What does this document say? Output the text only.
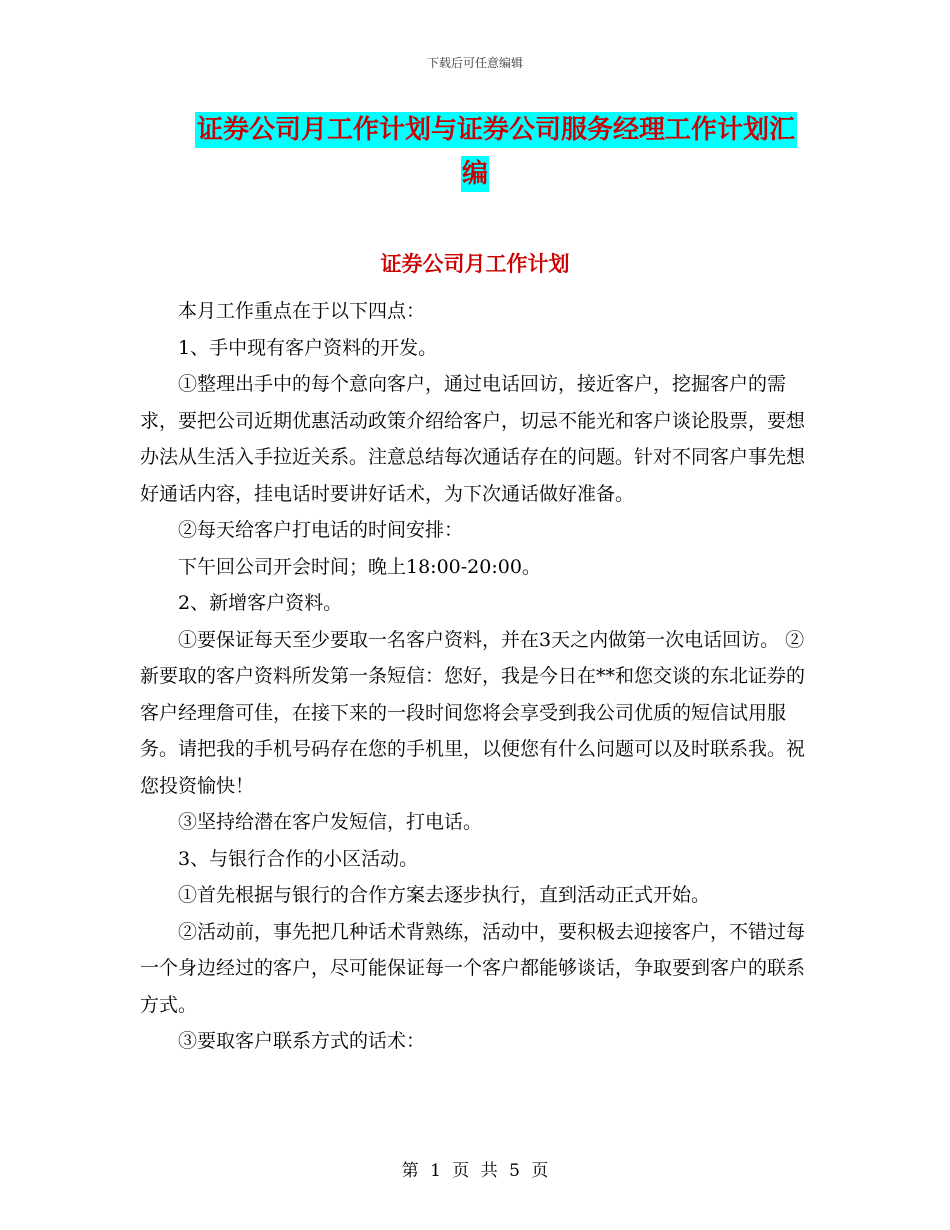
下载后可任意编辑
证券公司月工作计划与证券公司服务经理工作计划汇
编
证券公司月工作计划

本月工作重点在于以下四点：

1、手中现有客户资料的开发。

①整理出手中的每个意向客户，通过电话回访，接近客户，挖掘客户的需求，要把公司近期优惠活动政策介绍给客户，切忌不能光和客户谈论股票，要想办法从生活入手拉近关系。注意总结每次通话存在的问题。针对不同客户事先想好通话内容，挂电话时要讲好话术，为下次通话做好准备。

②每天给客户打电话的时间安排：

下午回公司开会时间；晚上18:00-20:00。

2、新增客户资料。

①要保证每天至少要取一名客户资料，并在3天之内做第一次电话回访。 ②新要取的客户资料所发第一条短信：您好，我是今日在**和您交谈的东北证券的客户经理詹可佳，在接下来的一段时间您将会享受到我公司优质的短信试用服务。请把我的手机号码存在您的手机里，以便您有什么问题可以及时联系我。祝您投资愉快！

③坚持给潜在客户发短信，打电话。

3、与银行合作的小区活动。

①首先根据与银行的合作方案去逐步执行，直到活动正式开始。

②活动前，事先把几种话术背熟练，活动中，要积极去迎接客户，不错过每一个身边经过的客户，尽可能保证每一个客户都能够谈话，争取要到客户的联系方式。

③要取客户联系方式的话术：

第 1 页 共 5 页
